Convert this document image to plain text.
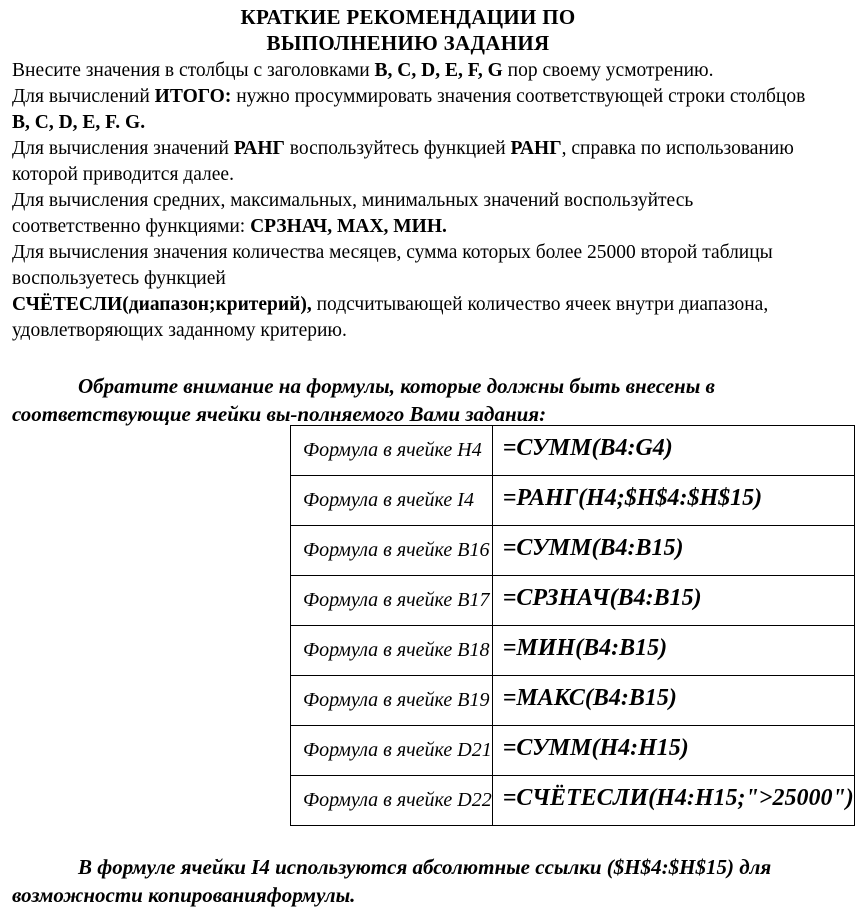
КРАТКИЕ РЕКОМЕНДАЦИИ ПО
ВЫПОЛНЕНИЮ ЗАДАНИЯ

Внесите значения в столбцы с заголовками B, C, D, E, F, G пор своему усмотрению.

Для вычислений ИТОГО: нужно просуммировать значения соответствующей строки столбцов B, C, D, E, F. G.

Для вычисления значений РАНГ воспользуйтесь функцией РАНГ, справка по использованию которой приводится далее.

Для вычисления средних, максимальных, минимальных значений воспользуйтесь соответственно функциями: СРЗНАЧ, МАХ, МИН.

Для вычисления значения количества месяцев, сумма которых более 25000 второй таблицы воспользуетесь функцией
СЧЁТЕСЛИ(диапазон;критерий), подсчитывающей количество ячеек внутри диапазона, удовлетворяющих заданному критерию.

Обратите внимание на формулы, которые должны быть внесены в соответствующие ячейки вы-полняемого Вами задания:
Формула в ячейке H4	=СУММ(B4:G4)
Формула в ячейке I4	=РАНГ(H4;$H$4:$H$15)
Формула в ячейке B16	=СУММ(B4:B15)
Формула в ячейке B17	=СРЗНАЧ(B4:B15)
Формула в ячейке B18	=МИН(B4:B15)
Формула в ячейке B19	=МАКС(B4:B15)
Формула в ячейке D21	=СУММ(H4:H15)
Формула в ячейке D22	=СЧЁТЕСЛИ(H4:H15;">25000")
В формуле ячейки I4 используются абсолютные ссылки ($H$4:$H$15) для возможности копированияформулы.
